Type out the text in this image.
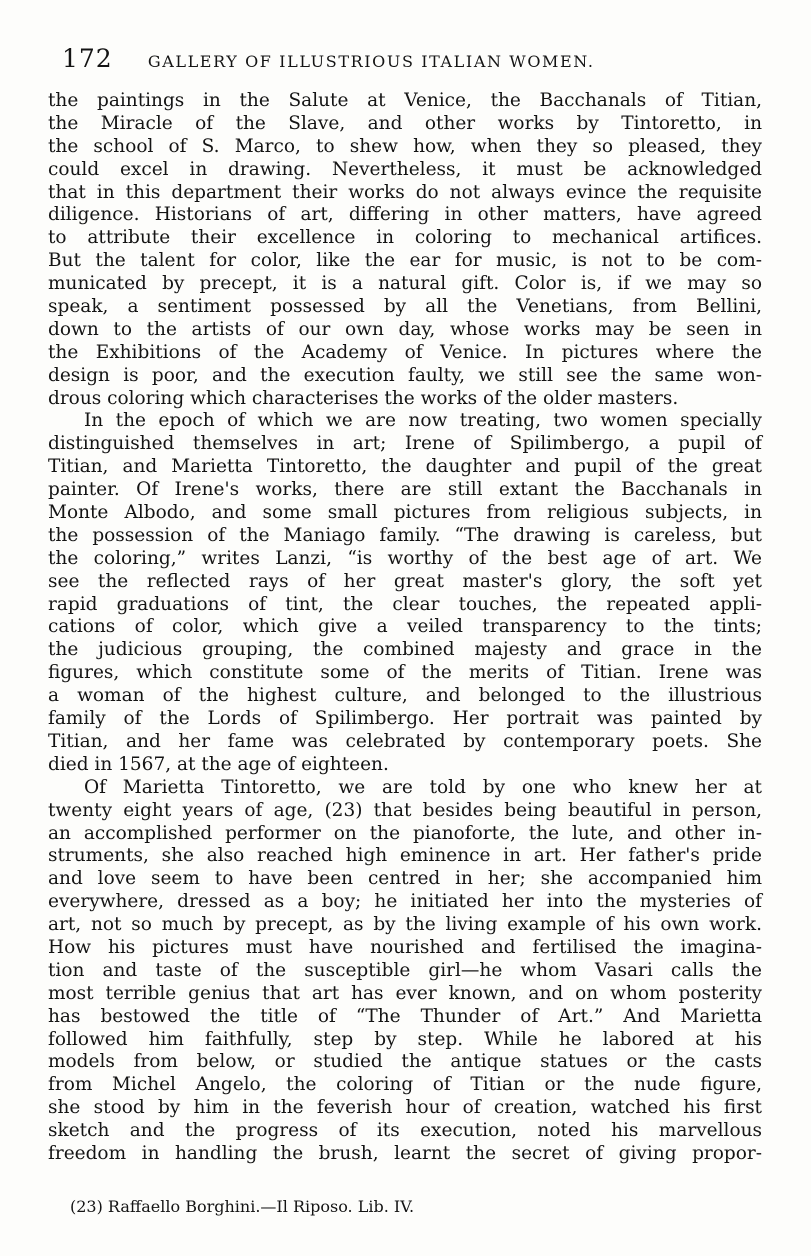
172 GALLERY OF ILLUSTRIOUS ITALIAN WOMEN.
the paintings in the Salute at Venice, the Bacchanals of Titian,
the Miracle of the Slave, and other works by Tintoretto, in
the school of S. Marco, to shew how, when they so pleased, they
could excel in drawing. Nevertheless, it must be acknowledged
that in this department their works do not always evince the requisite
diligence. Historians of art, differing in other matters, have agreed
to attribute their excellence in coloring to mechanical artifices.
But the talent for color, like the ear for music, is not to be com-
municated by precept, it is a natural gift. Color is, if we may so
speak, a sentiment possessed by all the Venetians, from Bellini,
down to the artists of our own day, whose works may be seen in
the Exhibitions of the Academy of Venice. In pictures where the
design is poor, and the execution faulty, we still see the same won-
drous coloring which characterises the works of the older masters.
In the epoch of which we are now treating, two women specially
distinguished themselves in art; Irene of Spilimbergo, a pupil of
Titian, and Marietta Tintoretto, the daughter and pupil of the great
painter. Of Irene's works, there are still extant the Bacchanals in
Monte Albodo, and some small pictures from religious subjects, in
the possession of the Maniago family. “The drawing is careless, but
the coloring,” writes Lanzi, “is worthy of the best age of art. We
see the reflected rays of her great master's glory, the soft yet
rapid graduations of tint, the clear touches, the repeated appli-
cations of color, which give a veiled transparency to the tints;
the judicious grouping, the combined majesty and grace in the
figures, which constitute some of the merits of Titian. Irene was
a woman of the highest culture, and belonged to the illustrious
family of the Lords of Spilimbergo. Her portrait was painted by
Titian, and her fame was celebrated by contemporary poets. She
died in 1567, at the age of eighteen.
Of Marietta Tintoretto, we are told by one who knew her at
twenty eight years of age, (23) that besides being beautiful in person,
an accomplished performer on the pianoforte, the lute, and other in-
struments, she also reached high eminence in art. Her father's pride
and love seem to have been centred in her; she accompanied him
everywhere, dressed as a boy; he initiated her into the mysteries of
art, not so much by precept, as by the living example of his own work.
How his pictures must have nourished and fertilised the imagina-
tion and taste of the susceptible girl—he whom Vasari calls the
most terrible genius that art has ever known, and on whom posterity
has bestowed the title of “The Thunder of Art.” And Marietta
followed him faithfully, step by step. While he labored at his
models from below, or studied the antique statues or the casts
from Michel Angelo, the coloring of Titian or the nude figure,
she stood by him in the feverish hour of creation, watched his first
sketch and the progress of its execution, noted his marvellous
freedom in handling the brush, learnt the secret of giving propor-
(23) Raffaello Borghini.—Il Riposo. Lib. IV.
